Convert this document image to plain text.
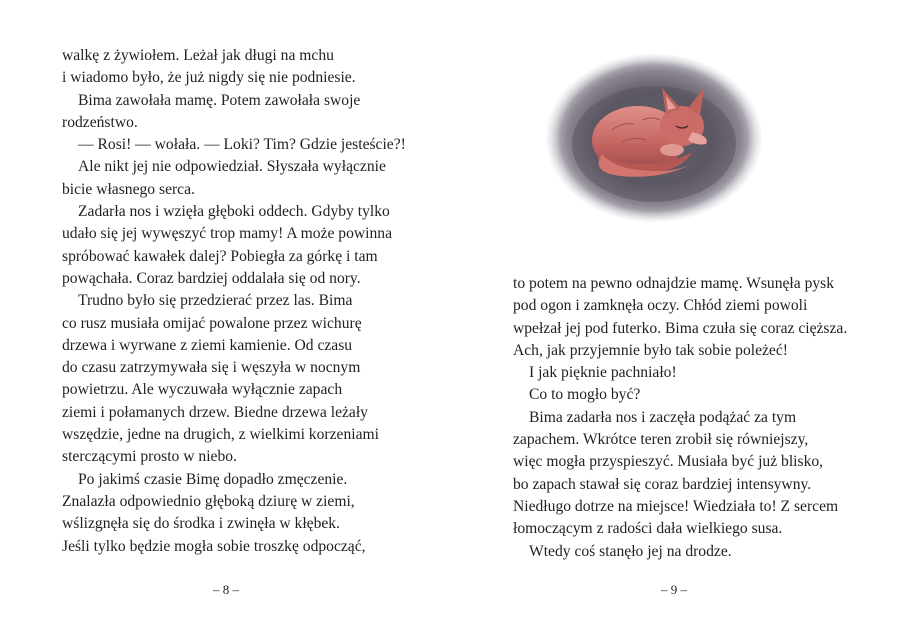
walkę z żywiołem. Leżał jak długi na mchu
i wiadomo było, że już nigdy się nie podniesie.
Bima zawołała mamę. Potem zawołała swoje
rodzeństwo.
— Rosi! — wołała. — Loki? Tim? Gdzie jesteście?!
Ale nikt jej nie odpowiedział. Słyszała wyłącznie
bicie własnego serca.
Zadarła nos i wzięła głęboki oddech. Gdyby tylko
udało się jej wywęszyć trop mamy! A może powinna
spróbować kawałek dalej? Pobiegła za górkę i tam
powąchała. Coraz bardziej oddalała się od nory.
Trudno było się przedzierać przez las. Bima
co rusz musiała omijać powalone przez wichurę
drzewa i wyrwane z ziemi kamienie. Od czasu
do czasu zatrzymywała się i węszyła w nocnym
powietrzu. Ale wyczuwała wyłącznie zapach
ziemi i połamanych drzew. Biedne drzewa leżały
wszędzie, jedne na drugich, z wielkimi korzeniami
sterczącymi prosto w niebo.
Po jakimś czasie Bimę dopadło zmęczenie.
Znalazła odpowiednio głęboką dziurę w ziemi,
wślizgnęła się do środka i zwinęła w kłębek.
Jeśli tylko będzie mogła sobie troszkę odpocząć,
– 8 –
to potem na pewno odnajdzie mamę. Wsunęła pysk
pod ogon i zamknęła oczy. Chłód ziemi powoli
wpełzał jej pod futerko. Bima czuła się coraz cięższa.
Ach, jak przyjemnie było tak sobie poleżeć!
I jak pięknie pachniało!
Co to mogło być?
Bima zadarła nos i zaczęła podążać za tym
zapachem. Wkrótce teren zrobił się równiejszy,
więc mogła przyspieszyć. Musiała być już blisko,
bo zapach stawał się coraz bardziej intensywny.
Niedługo dotrze na miejsce! Wiedziała to! Z sercem
łomoczącym z radości dała wielkiego susa.
Wtedy coś stanęło jej na drodze.
– 9 –
